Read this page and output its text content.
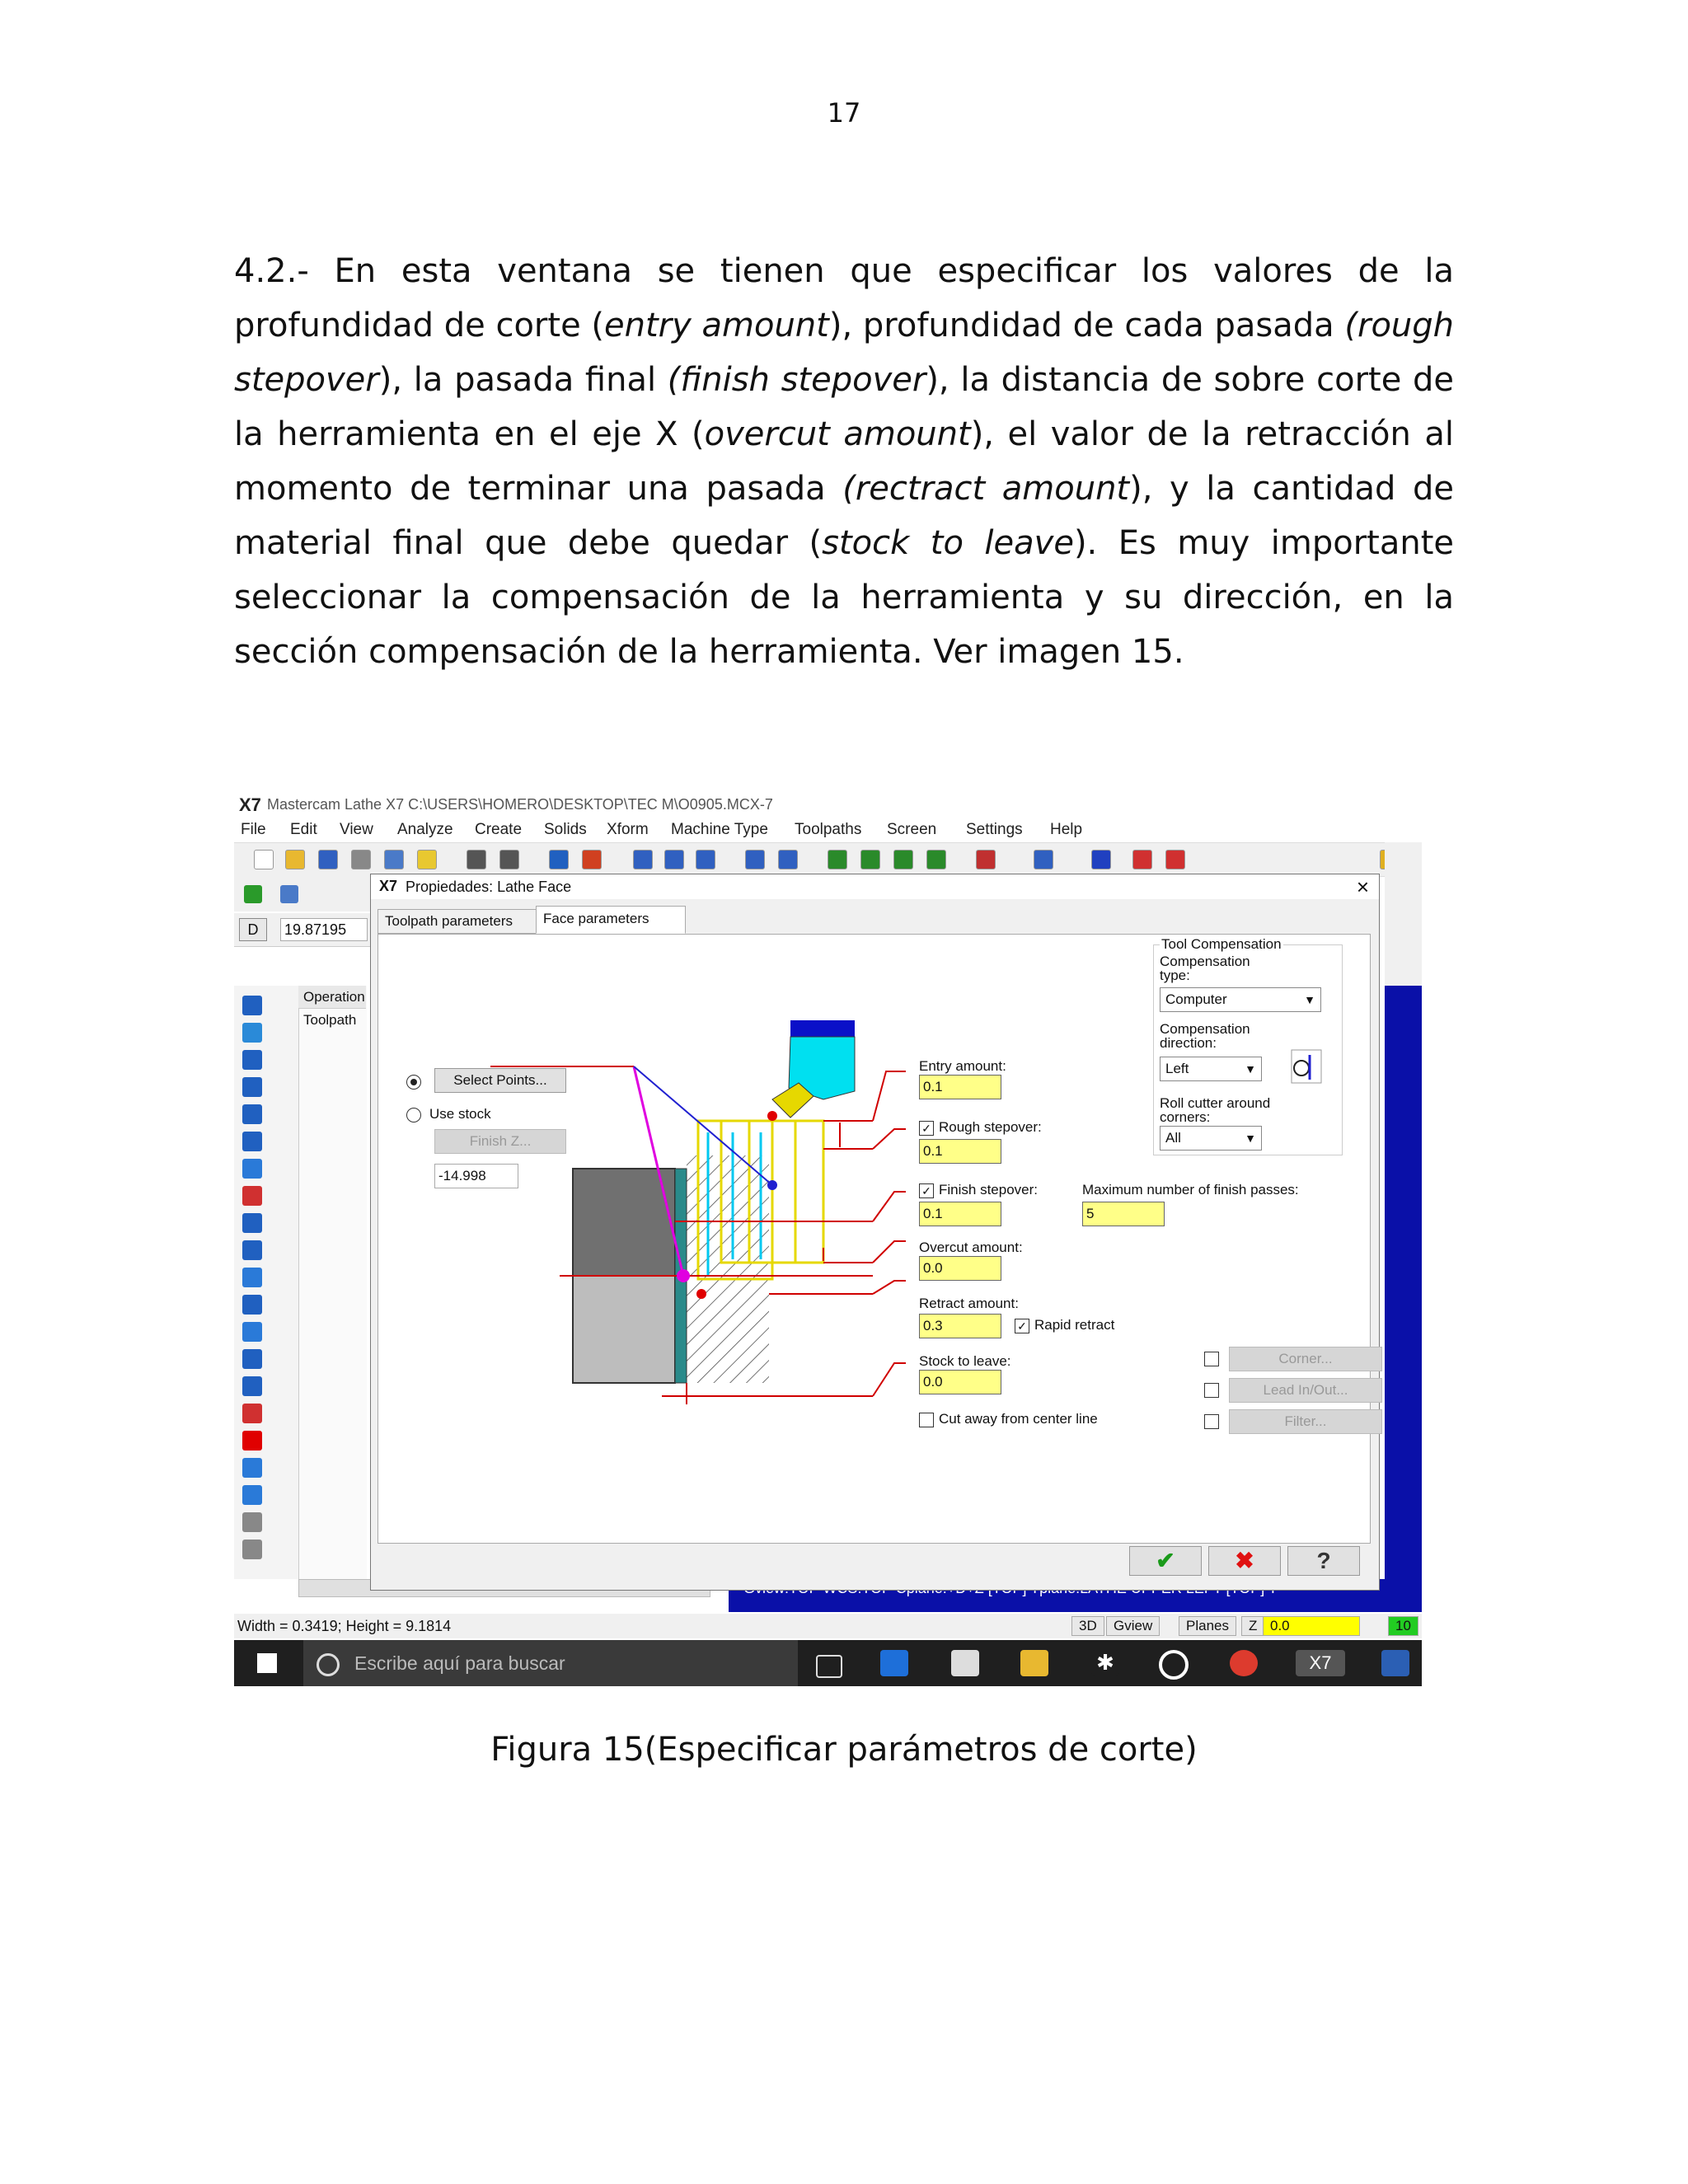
17
4.2.- En esta ventana se tienen que especificar los valores de la profundidad de corte (entry amount), profundidad de cada pasada (rough stepover), la pasada final (finish stepover), la distancia de sobre corte de la herramienta en el eje X (overcut amount), el valor de la retracción al momento de terminar una pasada (rectract amount), y la cantidad de material final que debe quedar (stock to leave). Es muy importante seleccionar la compensación de la herramienta y su dirección, en la sección compensación de la herramienta. Ver imagen 15.
X7 Mastercam Lathe X7 C:\USERS\HOMERO\DESKTOP\TEC M\O0905.MCX-7
File Edit View Analyze Create Solids Xform Machine Type Toolpaths Screen Settings Help
D	19.87195
Operation
Toolpath
Width = 0.3419; Height = 9.1814	3D	Gview	Planes	Z 0.0	10
Escribe aquí para buscar	✱	X7
X7 Propiedades: Lathe Face	×
Toolpath parameters	Face parameters
Select Points...
Use stock
Finish Z...
-14.998
Entry amount:
0.1
✓ Rough stepover:
0.1
✓ Finish stepover:
0.1
Maximum number of finish passes:
5
Overcut amount:
0.0
Retract amount:
0.3	✓ Rapid retract
Stock to leave:
0.0
Cut away from center line
Tool Compensation
Compensation type:
Computer	▼
Compensation direction:
Left	▼
Roll cutter around corners:
All	▼
Corner...
Lead In/Out...
Filter...
✔	✖	?
Figura 15(Especificar parámetros de corte)
